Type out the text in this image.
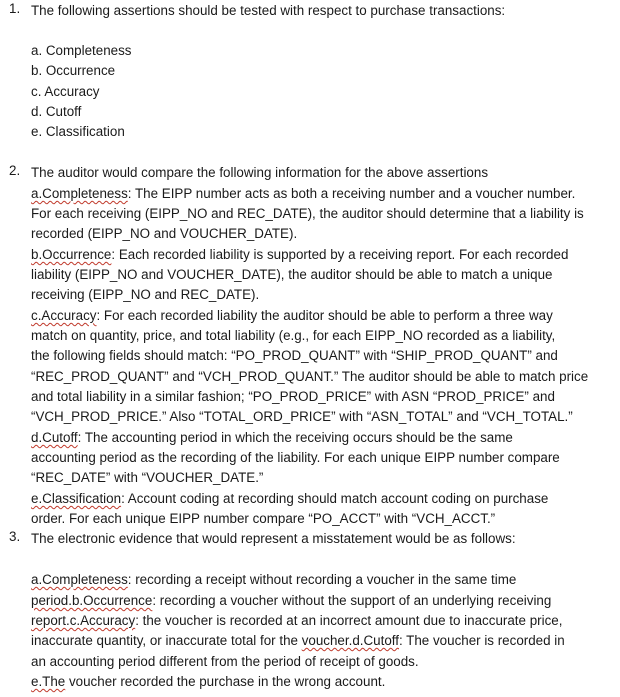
1. The following assertions should be tested with respect to purchase transactions:
a. Completeness
b. Occurrence
c. Accuracy
d. Cutoff
e. Classification
2. The auditor would compare the following information for the above assertions
a.Completeness: The EIPP number acts as both a receiving number and a voucher number.
For each receiving (EIPP_NO and REC_DATE), the auditor should determine that a liability is
recorded (EIPP_NO and VOUCHER_DATE).
b.Occurrence: Each recorded liability is supported by a receiving report. For each recorded
liability (EIPP_NO and VOUCHER_DATE), the auditor should be able to match a unique
receiving (EIPP_NO and REC_DATE).
c.Accuracy: For each recorded liability the auditor should be able to perform a three way
match on quantity, price, and total liability (e.g., for each EIPP_NO recorded as a liability,
the following fields should match: “PO_PROD_QUANT” with “SHIP_PROD_QUANT” and
“REC_PROD_QUANT” and “VCH_PROD_QUANT.” The auditor should be able to match price
and total liability in a similar fashion; “PO_PROD_PRICE” with ASN “PROD_PRICE” and
“VCH_PROD_PRICE.” Also “TOTAL_ORD_PRICE” with “ASN_TOTAL” and “VCH_TOTAL.”
d.Cutoff: The accounting period in which the receiving occurs should be the same
accounting period as the recording of the liability. For each unique EIPP number compare
“REC_DATE” with “VOUCHER_DATE.”
e.Classification: Account coding at recording should match account coding on purchase
order. For each unique EIPP number compare “PO_ACCT” with “VCH_ACCT.”
3. The electronic evidence that would represent a misstatement would be as follows:
a.Completeness: recording a receipt without recording a voucher in the same time
period.b.Occurrence: recording a voucher without the support of an underlying receiving
report.c.Accuracy: the voucher is recorded at an incorrect amount due to inaccurate price,
inaccurate quantity, or inaccurate total for the voucher.d.Cutoff: The voucher is recorded in
an accounting period different from the period of receipt of goods.
e.The voucher recorded the purchase in the wrong account.
